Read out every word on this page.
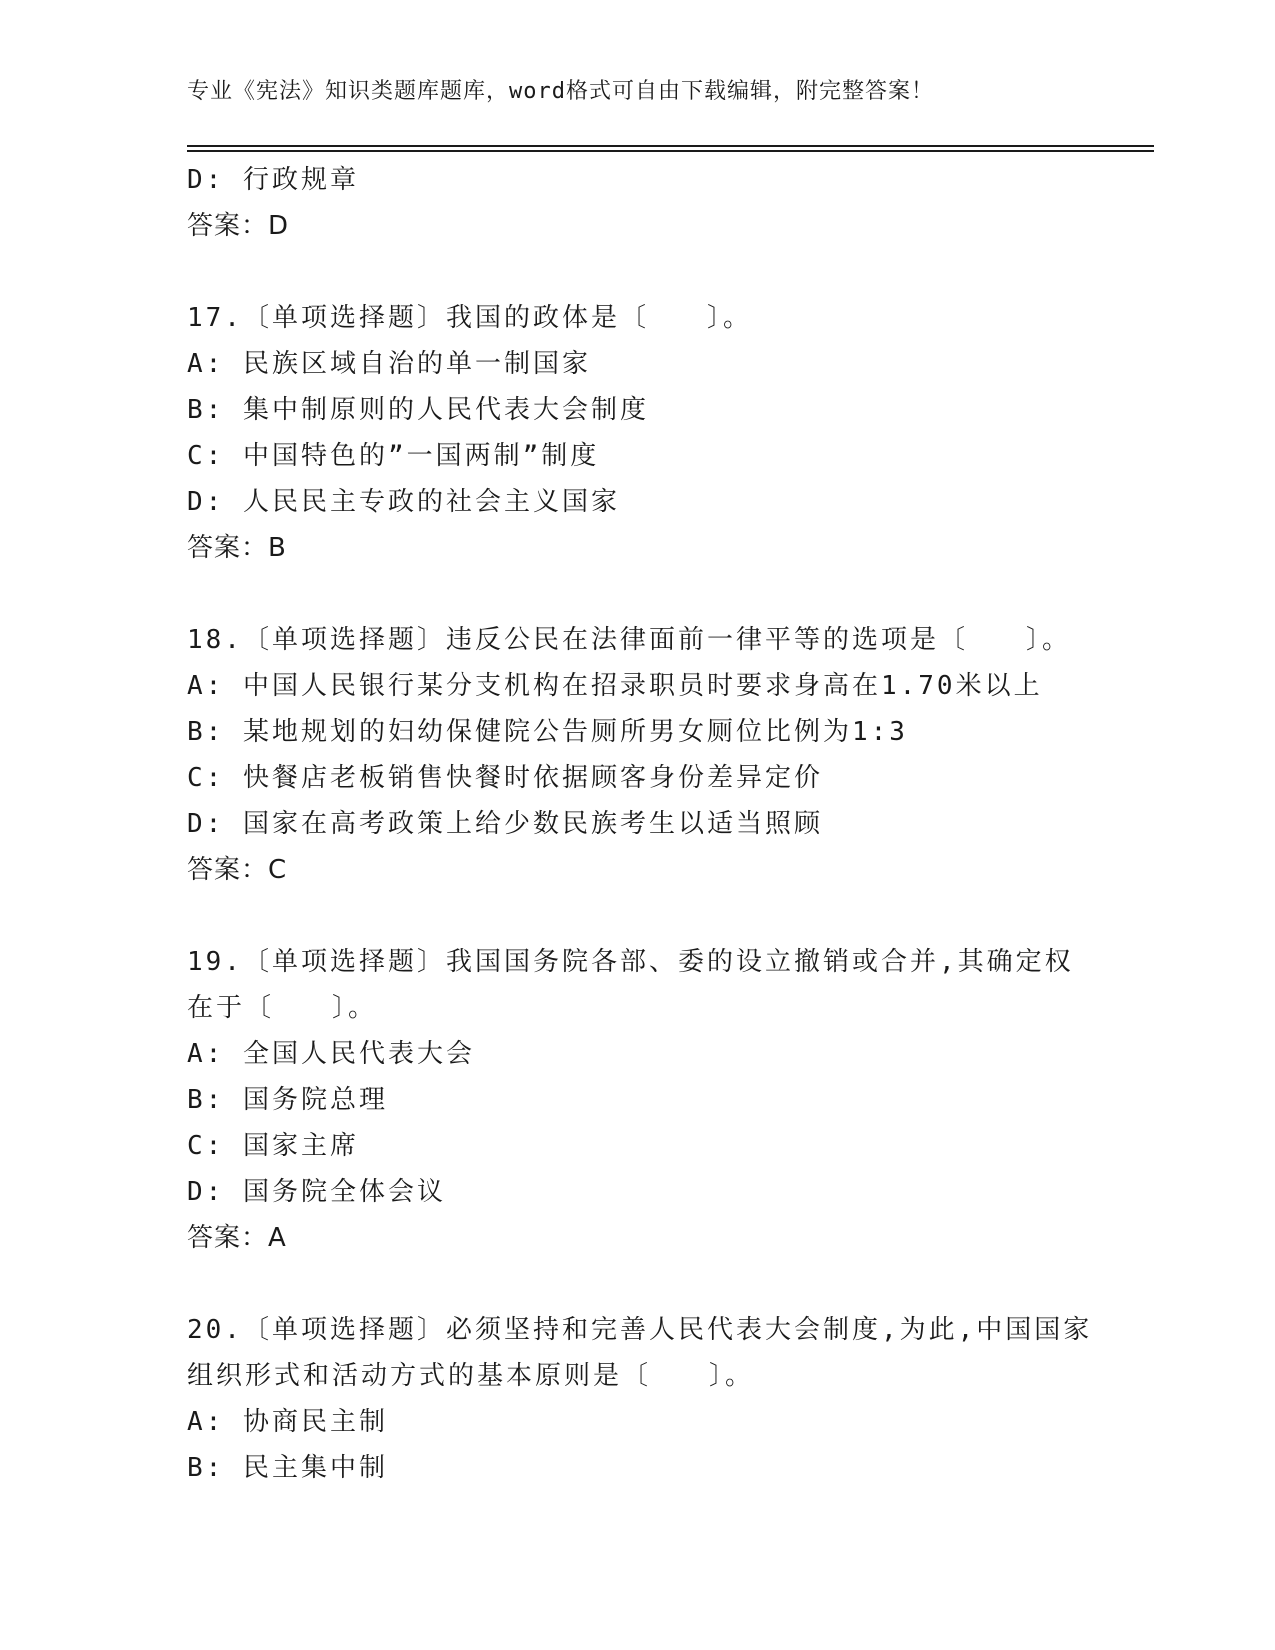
专业《宪法》知识类题库题库，word格式可自由下载编辑，附完整答案！
D: 行政规章
答案：D
17.〔单项选择题〕我国的政体是〔　　〕。
A: 民族区域自治的单一制国家
B: 集中制原则的人民代表大会制度
C: 中国特色的”一国两制”制度
D: 人民民主专政的社会主义国家
答案：B
18.〔单项选择题〕违反公民在法律面前一律平等的选项是〔　　〕。
A: 中国人民银行某分支机构在招录职员时要求身高在1.70米以上
B: 某地规划的妇幼保健院公告厕所男女厕位比例为1:3
C: 快餐店老板销售快餐时依据顾客身份差异定价
D: 国家在高考政策上给少数民族考生以适当照顾
答案：C
19.〔单项选择题〕我国国务院各部、委的设立撤销或合并,其确定权
在于〔　　〕。
A: 全国人民代表大会
B: 国务院总理
C: 国家主席
D: 国务院全体会议
答案：A
20.〔单项选择题〕必须坚持和完善人民代表大会制度,为此,中国国家
组织形式和活动方式的基本原则是〔　　〕。
A: 协商民主制
B: 民主集中制
